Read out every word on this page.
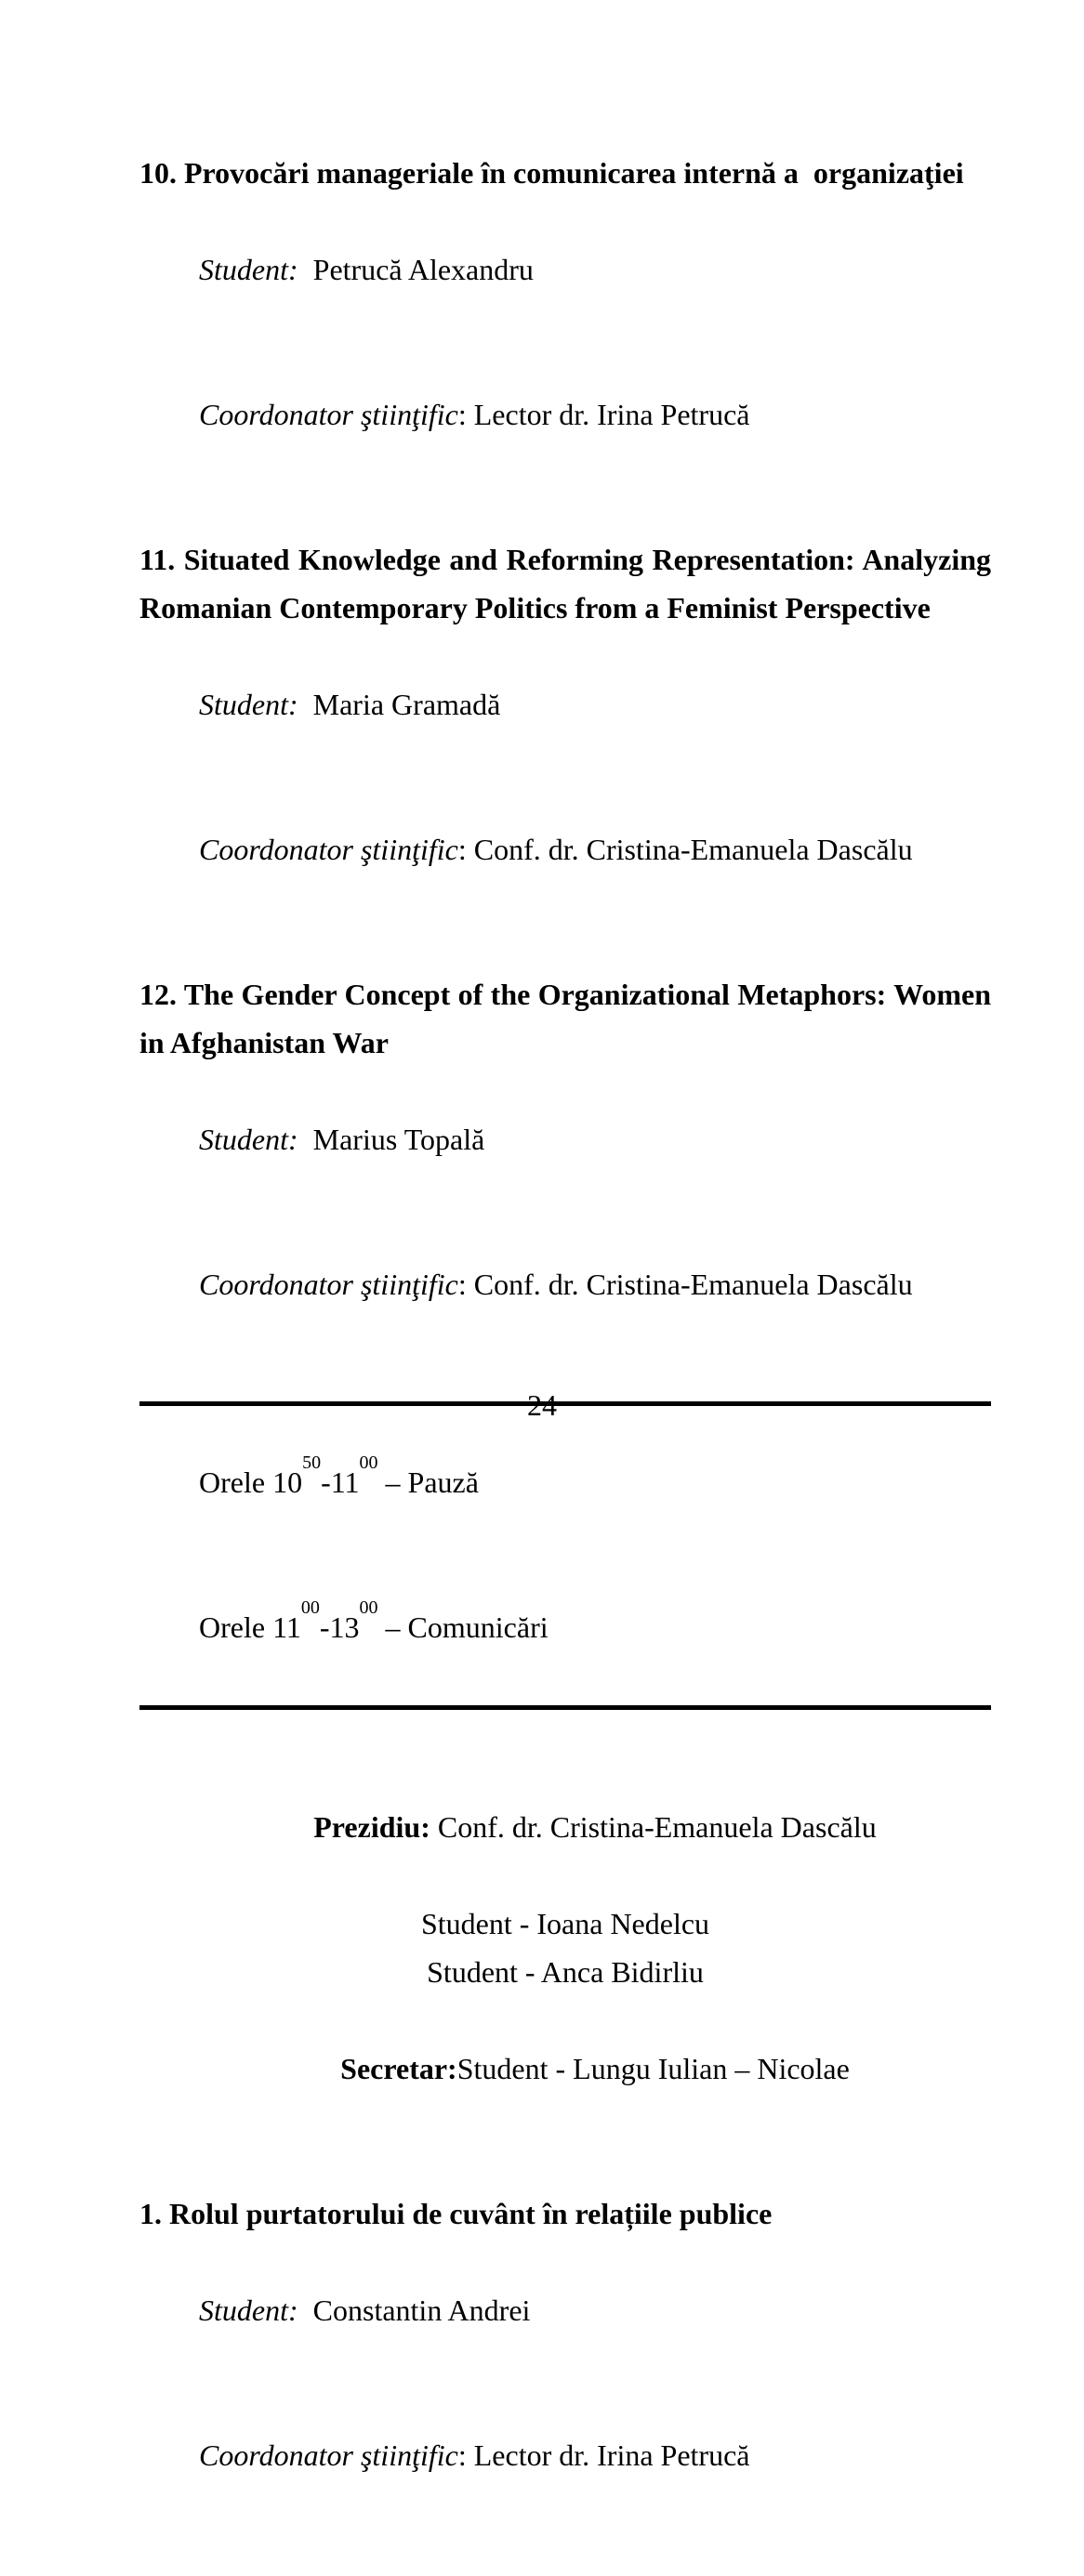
10. Provocări manageriale în comunicarea internă a  organizaţiei

Student:  Petrucă Alexandru

Coordonator ştiinţific: Lector dr. Irina Petrucă

11. Situated Knowledge and Reforming Representation: Analyzing
Romanian Contemporary Politics from a Feminist Perspective

Student:  Maria Gramadă

Coordonator ştiinţific: Conf. dr. Cristina-Emanuela Dascălu

12. The Gender Concept of the Organizational Metaphors: Women
in Afghanistan War

Student:  Marius Topală

Coordonator ştiinţific: Conf. dr. Cristina-Emanuela Dascălu

Orele $10^{50}-11^{00}$ – Pauză

Orele $11^{00}-13^{00}$ – Comunicări

Prezidiu: Conf. dr. Cristina-Emanuela Dascălu

Student - Ioana Nedelcu
Student - Anca Bidirliu

Secretar:Student - Lungu Iulian – Nicolae

1. Rolul purtatorului de cuvânt în relațiile publice

Student:  Constantin Andrei

Coordonator ştiinţific: Lector dr. Irina Petrucă

24
